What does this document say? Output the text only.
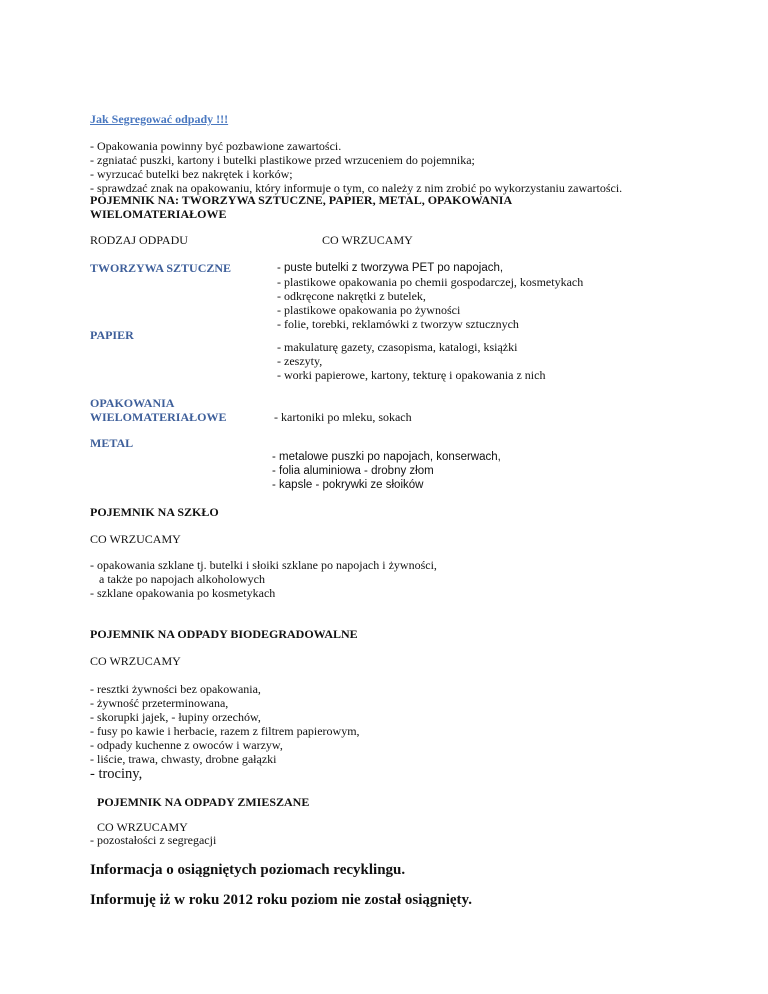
Jak Segregować odpady !!!
- Opakowania powinny być pozbawione zawartości.
- zgniatać puszki, kartony i butelki plastikowe przed wrzuceniem do pojemnika;
- wyrzucać butelki bez nakrętek i korków;
- sprawdzać znak na opakowaniu, który informuje o tym, co należy z nim zrobić po wykorzystaniu zawartości.
POJEMNIK NA: TWORZYWA SZTUCZNE, PAPIER, METAL, OPAKOWANIA
WIELOMATERIAŁOWE
RODZAJ ODPADU	CO WRZUCAMY
TWORZYWA SZTUCZNE	- puste butelki z tworzywa PET po napojach,
- plastikowe opakowania po chemii gospodarczej, kosmetykach
- odkręcone nakrętki z butelek,
- plastikowe opakowania po żywności
- folie, torebki, reklamówki z tworzyw sztucznych
PAPIER
- makulaturę gazety, czasopisma, katalogi, książki
- zeszyty,
- worki papierowe, kartony, tekturę i opakowania z nich
OPAKOWANIA
WIELOMATERIAŁOWE	- kartoniki po mleku, sokach
METAL
- metalowe puszki po napojach, konserwach,
- folia aluminiowa - drobny złom
- kapsle - pokrywki ze słoików
POJEMNIK NA SZKŁO
CO WRZUCAMY
- opakowania szklane tj. butelki i słoiki szklane po napojach i żywności,
a także po napojach alkoholowych
- szklane opakowania po kosmetykach
POJEMNIK NA ODPADY BIODEGRADOWALNE
CO WRZUCAMY
- resztki żywności bez opakowania,
- żywność przeterminowana,
- skorupki jajek, - łupiny orzechów,
- fusy po kawie i herbacie, razem z filtrem papierowym,
- odpady kuchenne z owoców i warzyw,
- liście, trawa, chwasty, drobne gałązki
- trociny,
POJEMNIK NA ODPADY ZMIESZANE
CO WRZUCAMY
- pozostałości z segregacji
Informacja o osiągniętych poziomach recyklingu.
Informuję iż w roku 2012 roku poziom nie został osiągnięty.
